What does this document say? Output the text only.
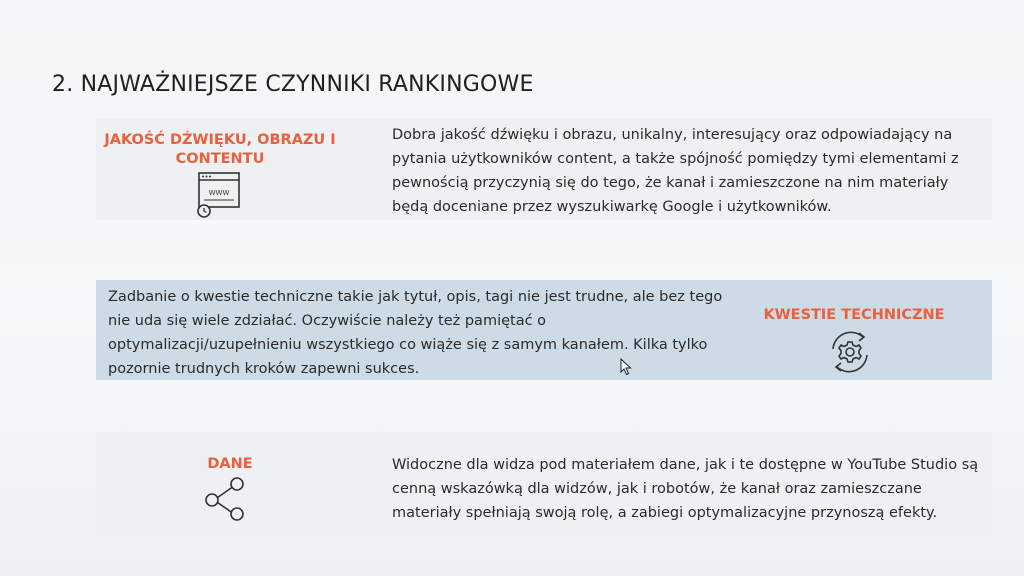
2. NAJWAŻNIEJSZE CZYNNIKI RANKINGOWE
JAKOŚĆ DŹWIĘKU, OBRAZU I
CONTENTU
WWW
Dobra jakość dźwięku i obrazu, unikalny, interesujący oraz odpowiadający na pytania użytkowników content, a także spójność pomiędzy tymi elementami z pewnością przyczynią się do tego, że kanał i zamieszczone na nim materiały będą doceniane przez wyszukiwarkę Google i użytkowników.
Zadbanie o kwestie techniczne takie jak tytuł, opis, tagi nie jest trudne, ale bez tego nie uda się wiele zdziałać. Oczywiście należy też pamiętać o optymalizacji/uzupełnieniu wszystkiego co wiąże się z samym kanałem. Kilka tylko pozornie trudnych kroków zapewni sukces.
KWESTIE TECHNICZNE
DANE	Widoczne dla widza pod materiałem dane, jak i te dostępne w YouTube Studio są cenną wskazówką dla widzów, jak i robotów, że kanał oraz zamieszczane materiały spełniają swoją rolę, a zabiegi optymalizacyjne przynoszą efekty.
